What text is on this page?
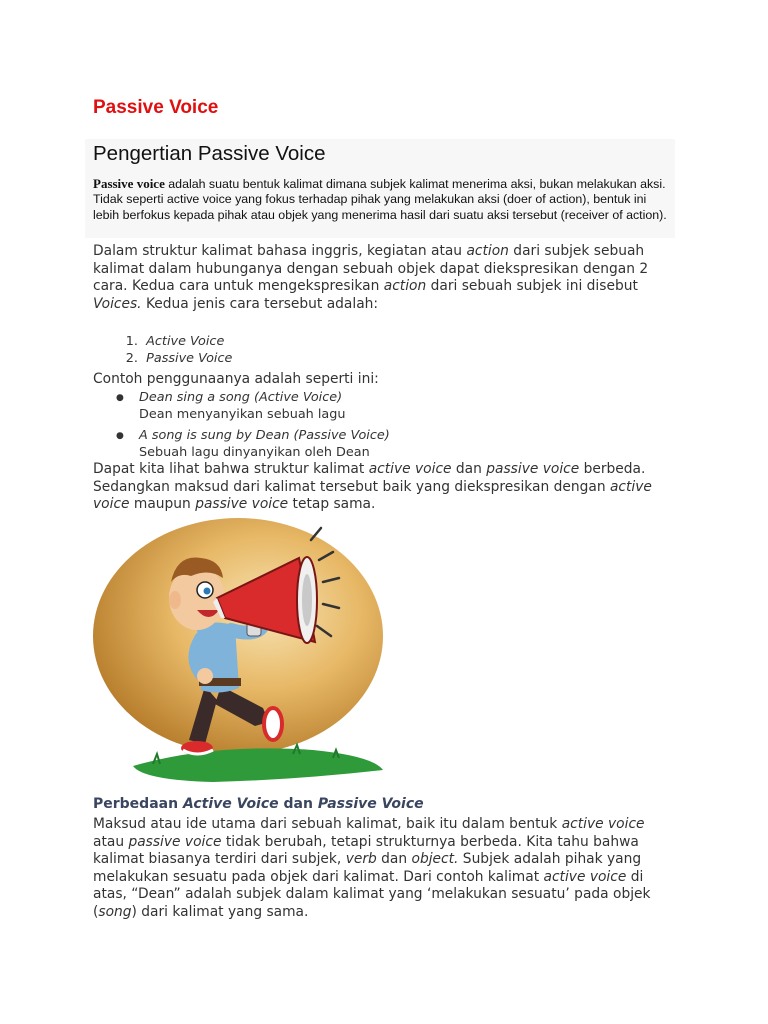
Passive Voice
Pengertian Passive Voice

Passive voice adalah suatu bentuk kalimat dimana subjek kalimat menerima aksi, bukan melakukan aksi. Tidak seperti active voice yang fokus terhadap pihak yang melakukan aksi (doer of action), bentuk ini lebih berfokus kepada pihak atau objek yang menerima hasil dari suatu aksi tersebut (receiver of action).

Dalam struktur kalimat bahasa inggris, kegiatan atau action dari subjek sebuah kalimat dalam hubunganya dengan sebuah objek dapat diekspresikan dengan 2 cara. Kedua cara untuk mengekspresikan action dari sebuah subjek ini disebut Voices. Kedua jenis cara tersebut adalah:

1.
Active Voice
2.
Passive Voice

Contoh penggunaanya adalah seperti ini:

● Dean sing a song (Active Voice)
Dean menyanyikan sebuah lagu
● A song is sung by Dean (Passive Voice)
Sebuah lagu dinyanyikan oleh Dean

Dapat kita lihat bahwa struktur kalimat active voice dan passive voice berbeda. Sedangkan maksud dari kalimat tersebut baik yang diekspresikan dengan active voice maupun passive voice tetap sama.

Perbedaan Active Voice dan Passive Voice

Maksud atau ide utama dari sebuah kalimat, baik itu dalam bentuk active voice atau passive voice tidak berubah, tetapi strukturnya berbeda. Kita tahu bahwa kalimat biasanya terdiri dari subjek, verb dan object. Subjek adalah pihak yang melakukan sesuatu pada objek dari kalimat. Dari contoh kalimat active voice di atas, “Dean” adalah subjek dalam kalimat yang ‘melakukan sesuatu’ pada objek (song) dari kalimat yang sama.
